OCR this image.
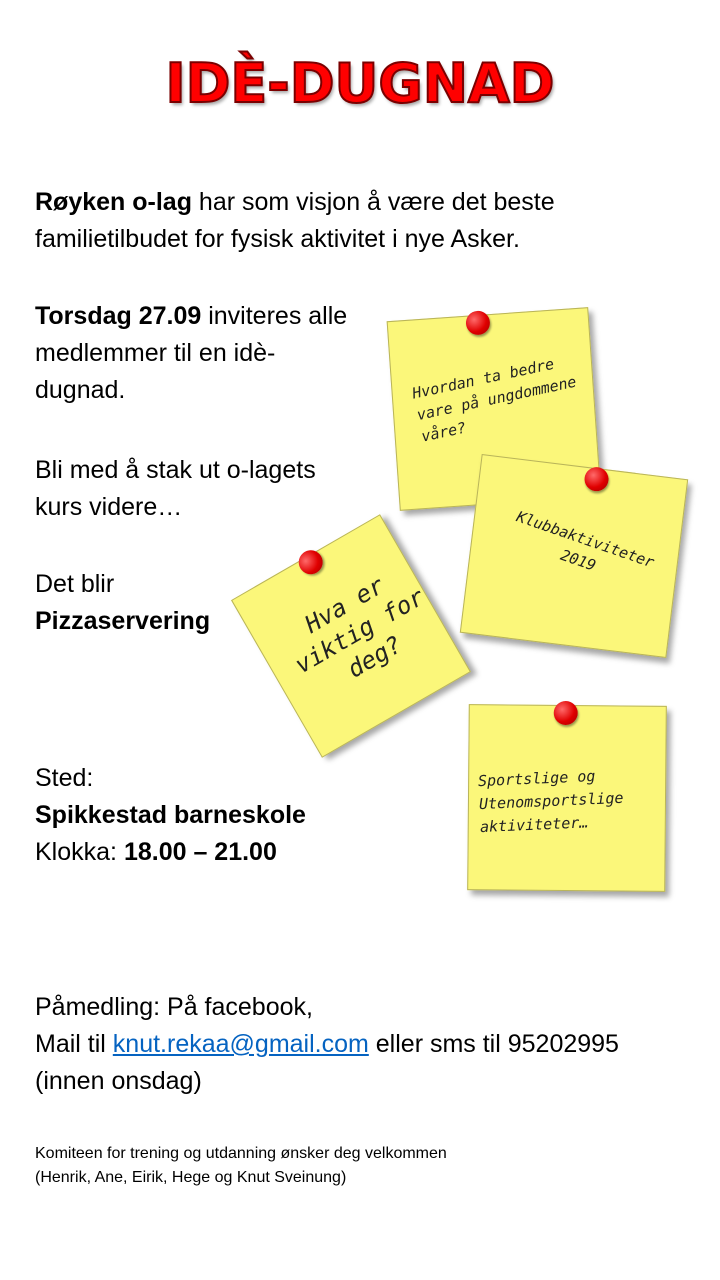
IDÈ-DUGNAD

Røyken o-lag har som visjon å være det beste familietilbudet for fysisk aktivitet i nye Asker.

Torsdag 27.09 inviteres alle medlemmer til en idè-dugnad.

Bli med å stak ut o-lagets kurs videre…

Det blir
Pizzaservering

Sted:
Spikkestad barneskole
Klokka: 18.00 – 21.00

Påmedling: På facebook,
Mail til knut.rekaa@gmail.com eller sms til 95202995 (innen onsdag)

Komiteen for trening og utdanning ønsker deg velkommen
(Henrik, Ane, Eirik, Hege og Knut Sveinung)
Hvordan ta bedre vare på ungdommene våre?
Klubbaktiviteter 2019
Sportslige og Utenomsportslige aktiviteter…
Hva er viktig for deg?
